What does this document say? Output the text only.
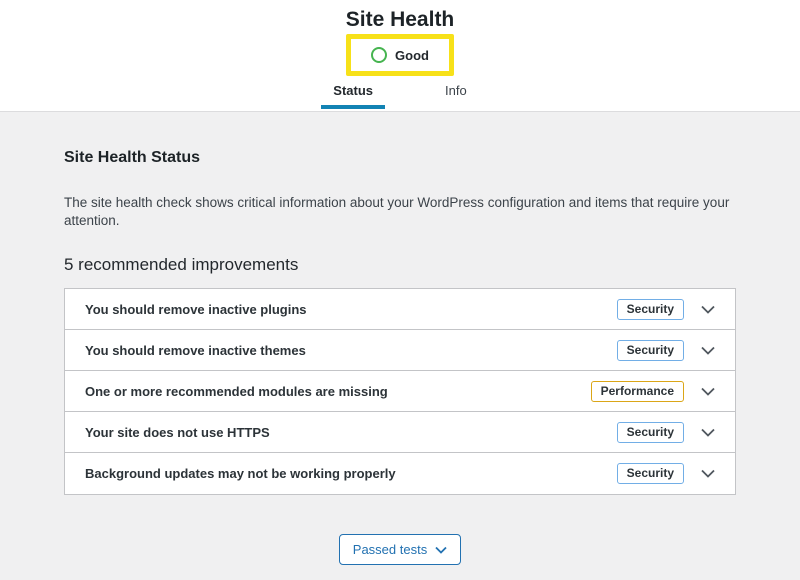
Site Health
Good
Status	Info
Site Health Status

The site health check shows critical information about your WordPress configuration and items that require your attention.

5 recommended improvements
You should remove inactive plugins	Security
You should remove inactive themes	Security
One or more recommended modules are missing	Performance
Your site does not use HTTPS	Security
Background updates may not be working properly	Security
Passed tests
